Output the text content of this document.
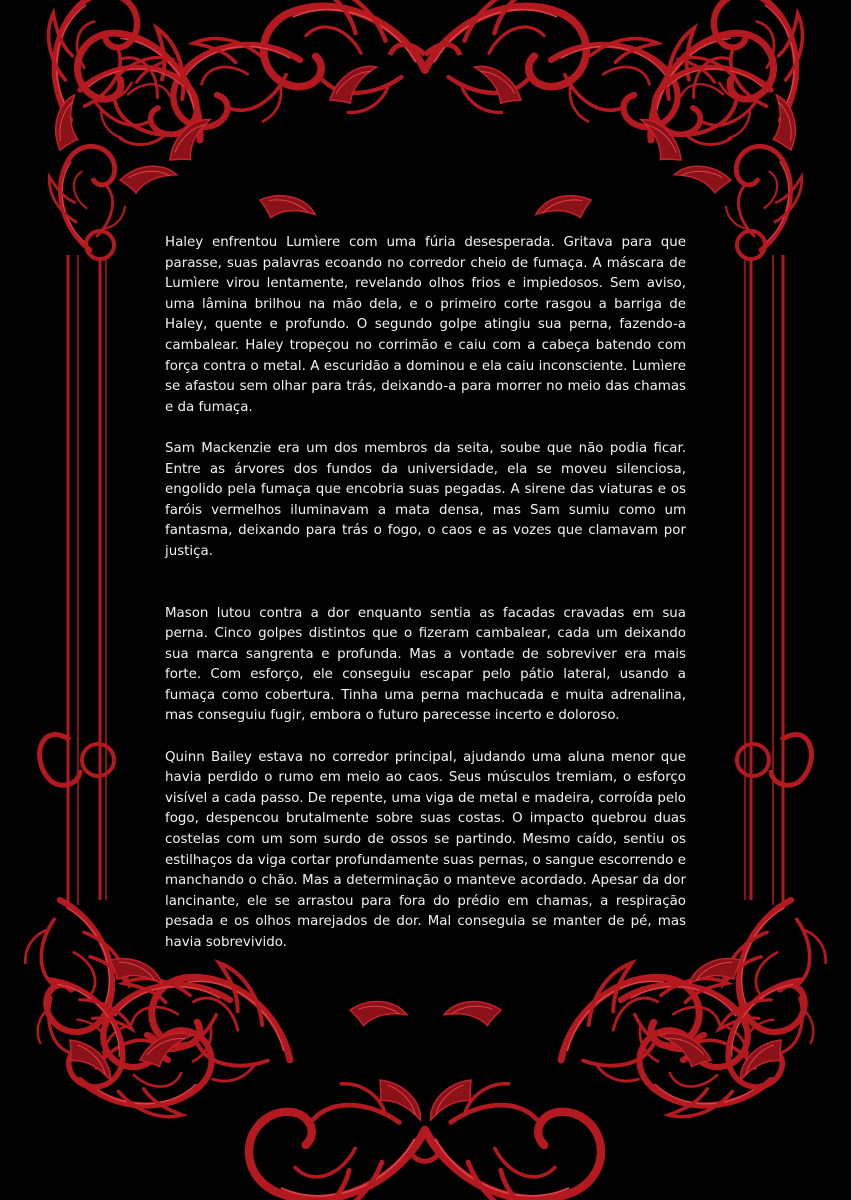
Haley enfrentou Lumìere com uma fúria desesperada. Gritava para que parasse, suas palavras ecoando no corredor cheio de fumaça. A máscara de Lumìere virou lentamente, revelando olhos frios e impiedosos. Sem aviso, uma lâmina brilhou na mão dela, e o primeiro corte rasgou a barriga de Haley, quente e profundo. O segundo golpe atingiu sua perna, fazendo-a cambalear. Haley tropeçou no corrimão e caiu com a cabeça batendo com força contra o metal. A escuridão a dominou e ela caiu inconsciente. Lumìere se afastou sem olhar para trás, deixando-a para morrer no meio das chamas e da fumaça.

Sam Mackenzie era um dos membros da seita, soube que não podia ficar. Entre as árvores dos fundos da universidade, ela se moveu silenciosa, engolido pela fumaça que encobria suas pegadas. A sirene das viaturas e os faróis vermelhos iluminavam a mata densa, mas Sam sumiu como um fantasma, deixando para trás o fogo, o caos e as vozes que clamavam por justiça.

Mason lutou contra a dor enquanto sentia as facadas cravadas em sua perna. Cinco golpes distintos que o fizeram cambalear, cada um deixando sua marca sangrenta e profunda. Mas a vontade de sobreviver era mais forte. Com esforço, ele conseguiu escapar pelo pátio lateral, usando a fumaça como cobertura. Tinha uma perna machucada e muita adrenalina, mas conseguiu fugir, embora o futuro parecesse incerto e doloroso.

Quinn Bailey estava no corredor principal, ajudando uma aluna menor que havia perdido o rumo em meio ao caos. Seus músculos tremiam, o esforço visível a cada passo. De repente, uma viga de metal e madeira, corroída pelo fogo, despencou brutalmente sobre suas costas. O impacto quebrou duas costelas com um som surdo de ossos se partindo. Mesmo caído, sentiu os estilhaços da viga cortar profundamente suas pernas, o sangue escorrendo e manchando o chão. Mas a determinação o manteve acordado. Apesar da dor lancinante, ele se arrastou para fora do prédio em chamas, a respiração pesada e os olhos marejados de dor. Mal conseguia se manter de pé, mas havia sobrevivido.
